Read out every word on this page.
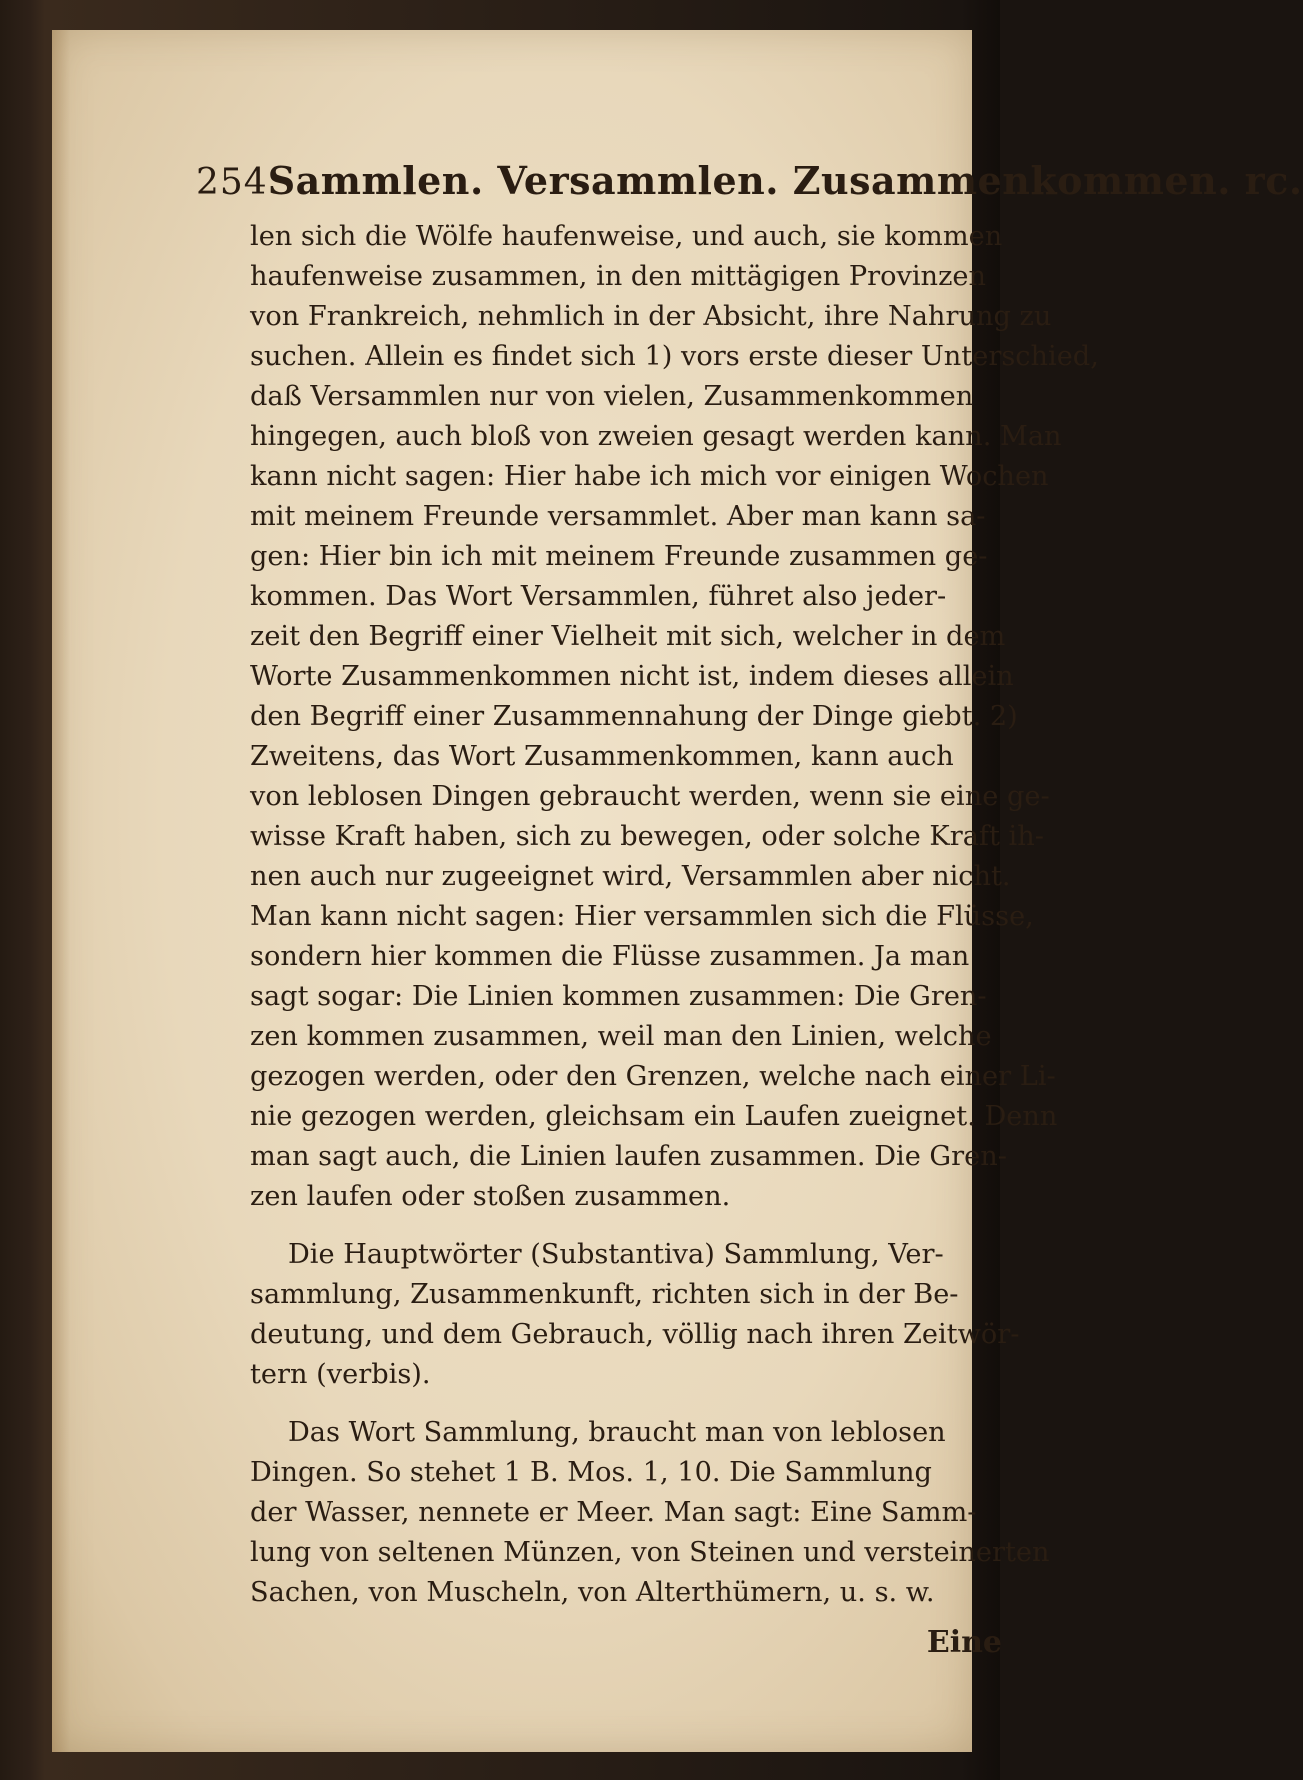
254 Sammlen. Versammlen. Zusammenkommen. rc.

len sich die Wölfe haufenweise, und auch, sie kommen
haufenweise zusammen, in den mittägigen Provinzen
von Frankreich, nehmlich in der Absicht, ihre Nahrung zu
suchen. Allein es findet sich 1) vors erste dieser Unterschied,
daß Versammlen nur von vielen, Zusammenkommen
hingegen, auch bloß von zweien gesagt werden kann. Man
kann nicht sagen: Hier habe ich mich vor einigen Wochen
mit meinem Freunde versammlet. Aber man kann sa-
gen: Hier bin ich mit meinem Freunde zusammen ge-
kommen. Das Wort Versammlen, führet also jeder-
zeit den Begriff einer Vielheit mit sich, welcher in dem
Worte Zusammenkommen nicht ist, indem dieses allein
den Begriff einer Zusammennahung der Dinge giebt. 2)
Zweitens, das Wort Zusammenkommen, kann auch
von leblosen Dingen gebraucht werden, wenn sie eine ge-
wisse Kraft haben, sich zu bewegen, oder solche Kraft ih-
nen auch nur zugeeignet wird, Versammlen aber nicht.
Man kann nicht sagen: Hier versammlen sich die Flüsse,
sondern hier kommen die Flüsse zusammen. Ja man
sagt sogar: Die Linien kommen zusammen: Die Gren-
zen kommen zusammen, weil man den Linien, welche
gezogen werden, oder den Grenzen, welche nach einer Li-
nie gezogen werden, gleichsam ein Laufen zueignet. Denn
man sagt auch, die Linien laufen zusammen. Die Gren-
zen laufen oder stoßen zusammen.

Die Hauptwörter (Substantiva) Sammlung, Ver-
sammlung, Zusammenkunft, richten sich in der Be-
deutung, und dem Gebrauch, völlig nach ihren Zeitwör-
tern (verbis).

Das Wort Sammlung, braucht man von leblosen
Dingen. So stehet 1 B. Mos. 1, 10. Die Sammlung
der Wasser, nennete er Meer. Man sagt: Eine Samm-
lung von seltenen Münzen, von Steinen und versteinerten
Sachen, von Muscheln, von Alterthümern, u. s. w.

Eine
